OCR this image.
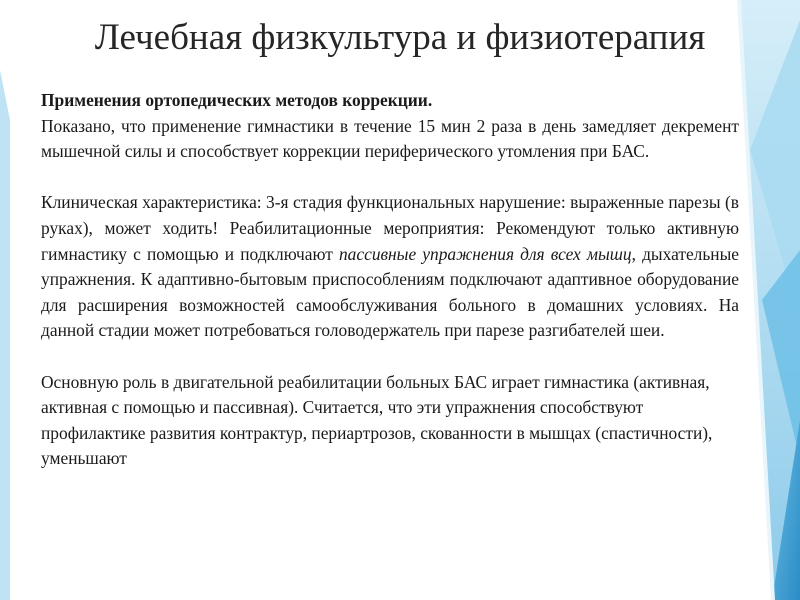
Лечебная физкультура и физиотерапия

Применения ортопедических методов коррекции.
Показано, что применение гимнастики в течение 15 мин 2 раза в день замедляет декремент мышечной силы и способствует коррекции периферического утомления при БАС.

Клиническая характеристика: 3-я стадия функциональных нарушение: выраженные парезы (в руках), может ходить! Реабилитационные мероприятия: Рекомендуют только активную гимнастику с помощью и подключают пассивные упражнения для всех мышц, дыхательные упражнения. К адаптивно-бытовым приспособлениям подключают адаптивное оборудование для расширения возможностей самообслуживания больного в домашних условиях. На данной стадии может потребоваться головодержатель при парезе разгибателей шеи.

Основную роль в двигательной реабилитации больных БАС играет гимнастика (активная, активная с помощью и пассивная). Считается, что эти упражнения способствуют профилактике развития контрактур, периартрозов, скованности в мышцах (спастичности), уменьшают
